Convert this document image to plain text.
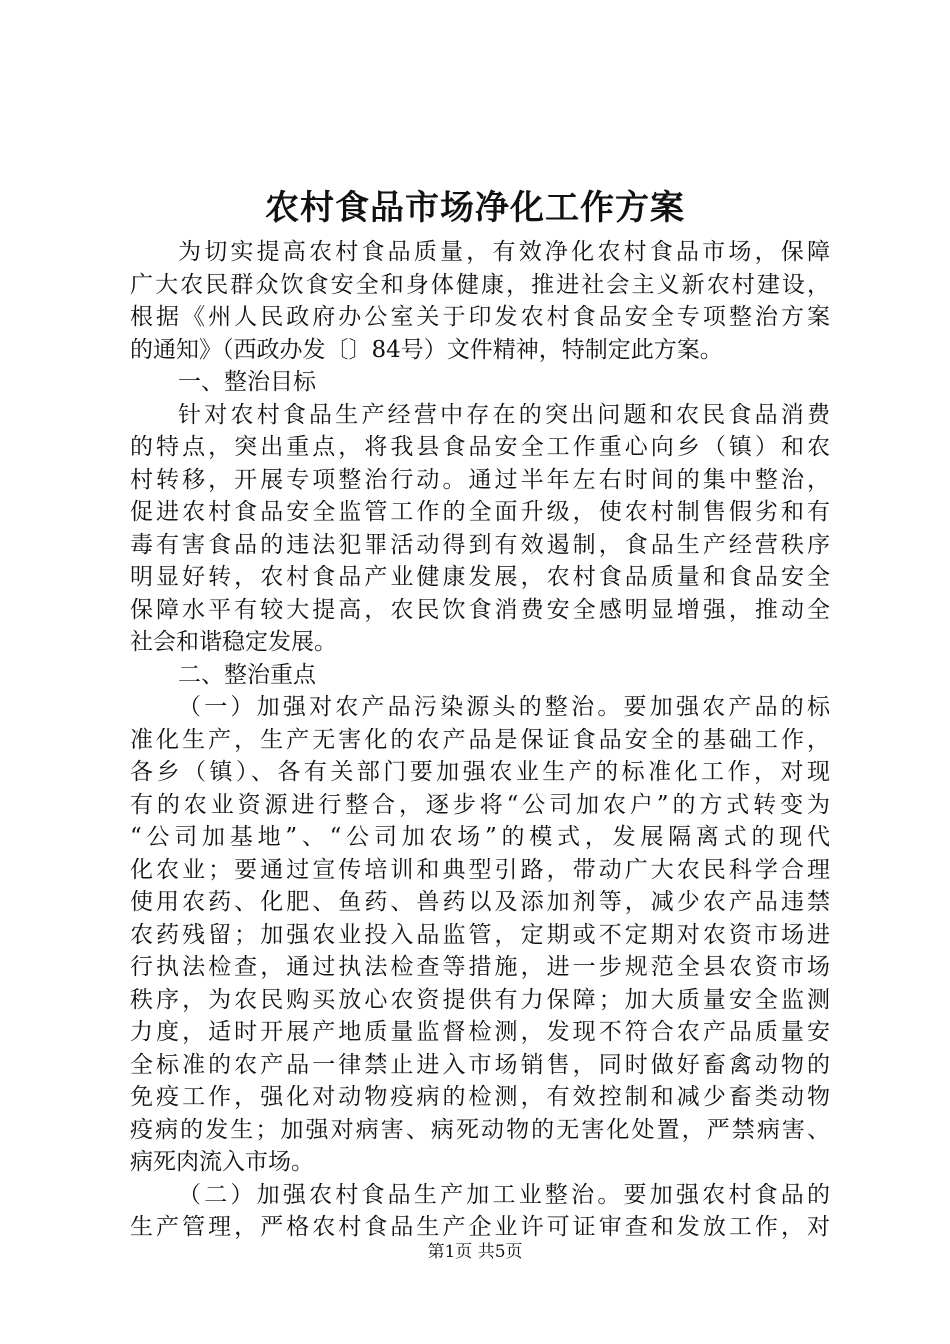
农村食品市场净化工作方案
为切实提高农村食品质量，有效净化农村食品市场，保障
广大农民群众饮食安全和身体健康，推进社会主义新农村建设，
根据《州人民政府办公室关于印发农村食品安全专项整治方案
的通知》（西政办发〔〕84号）文件精神，特制定此方案。
一、整治目标
针对农村食品生产经营中存在的突出问题和农民食品消费
的特点，突出重点，将我县食品安全工作重心向乡（镇）和农
村转移，开展专项整治行动。通过半年左右时间的集中整治，
促进农村食品安全监管工作的全面升级，使农村制售假劣和有
毒有害食品的违法犯罪活动得到有效遏制，食品生产经营秩序
明显好转，农村食品产业健康发展，农村食品质量和食品安全
保障水平有较大提高，农民饮食消费安全感明显增强，推动全
社会和谐稳定发展。
二、整治重点
（一）加强对农产品污染源头的整治。要加强农产品的标
准化生产，生产无害化的农产品是保证食品安全的基础工作，
各乡（镇）、各有关部门要加强农业生产的标准化工作，对现
有的农业资源进行整合，逐步将“公司加农户”的方式转变为
“公司加基地”、“公司加农场”的模式，发展隔离式的现代
化农业；要通过宣传培训和典型引路，带动广大农民科学合理
使用农药、化肥、鱼药、兽药以及添加剂等，减少农产品违禁
农药残留；加强农业投入品监管，定期或不定期对农资市场进
行执法检查，通过执法检查等措施，进一步规范全县农资市场
秩序，为农民购买放心农资提供有力保障；加大质量安全监测
力度，适时开展产地质量监督检测，发现不符合农产品质量安
全标准的农产品一律禁止进入市场销售，同时做好畜禽动物的
免疫工作，强化对动物疫病的检测，有效控制和减少畜类动物
疫病的发生；加强对病害、病死动物的无害化处置，严禁病害、
病死肉流入市场。
（二）加强农村食品生产加工业整治。要加强农村食品的
生产管理，严格农村食品生产企业许可证审查和发放工作，对
第1页 共5页
